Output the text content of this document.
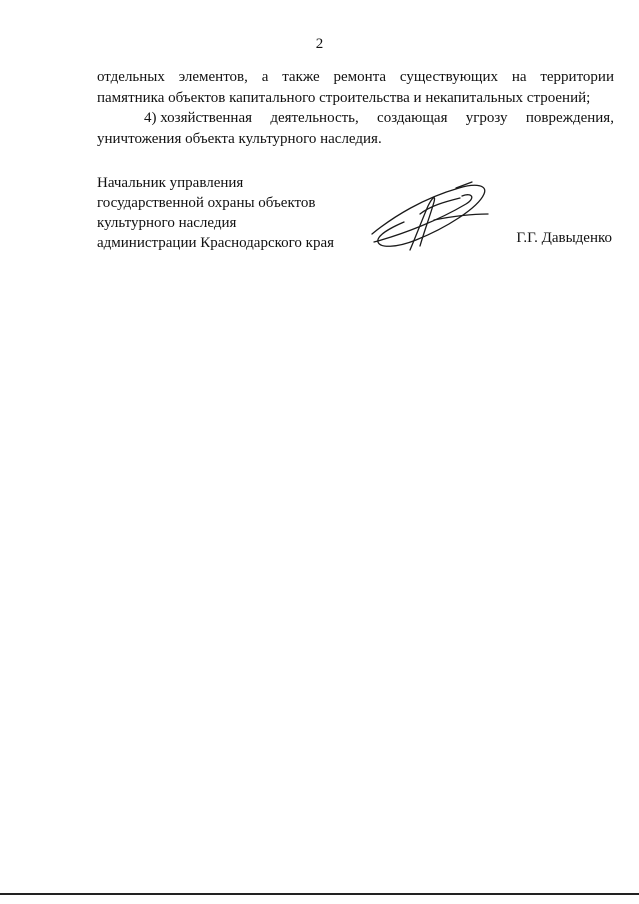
2
отдельных элементов, а также ремонта существующих на территории
памятника объектов капитального строительства и некапитальных строений;
4) хозяйственная деятельность, создающая угрозу повреждения,
уничтожения объекта культурного наследия.
Начальник управления
государственной охраны объектов
культурного наследия
администрации Краснодарского края	Г.Г. Давыденко
